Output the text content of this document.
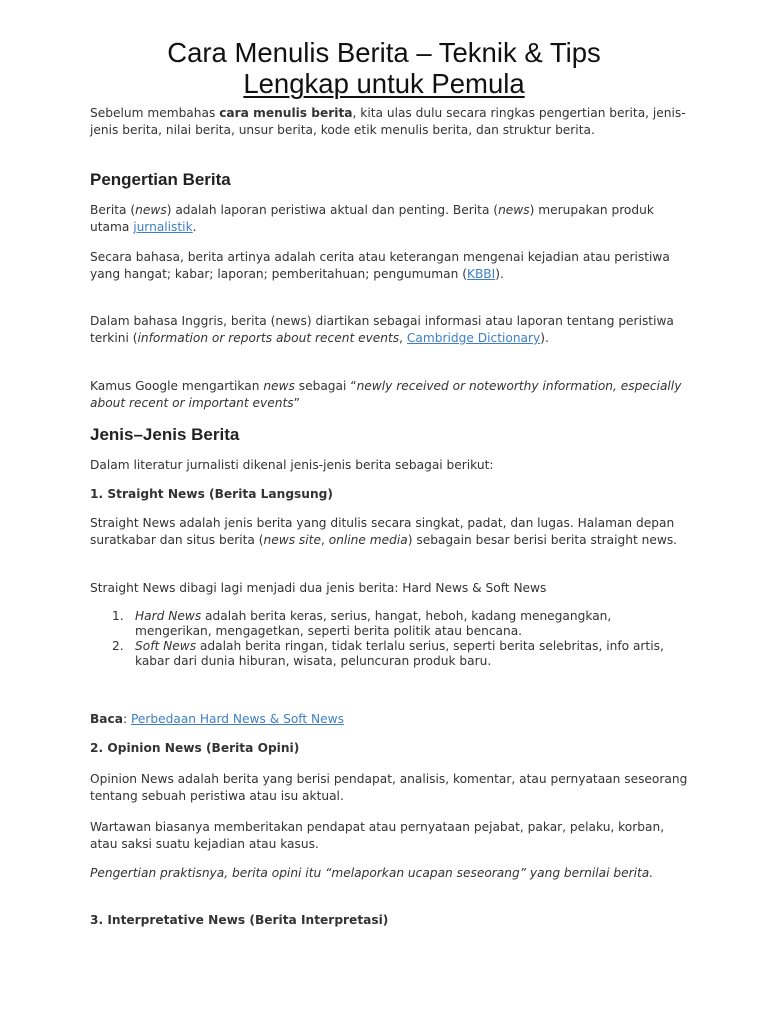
Cara Menulis Berita – Teknik & Tips
Lengkap untuk Pemula

Sebelum membahas cara menulis berita, kita ulas dulu secara ringkas pengertian berita, jenis-jenis berita, nilai berita, unsur berita, kode etik menulis berita, dan struktur berita.

Pengertian Berita

Berita (news) adalah laporan peristiwa aktual dan penting. Berita (news) merupakan produk utama jurnalistik.

Secara bahasa, berita artinya adalah cerita atau keterangan mengenai kejadian atau peristiwa yang hangat; kabar; laporan; pemberitahuan; pengumuman (KBBI).

Dalam bahasa Inggris, berita (news) diartikan sebagai informasi atau laporan tentang peristiwa terkini (information or reports about recent events, Cambridge Dictionary).

Kamus Google mengartikan news sebagai “newly received or noteworthy information, especially about recent or important events”

Jenis–Jenis Berita

Dalam literatur jurnalisti dikenal jenis-jenis berita sebagai berikut:

1. Straight News (Berita Langsung)

Straight News adalah jenis berita yang ditulis secara singkat, padat, dan lugas. Halaman depan suratkabar dan situs berita (news site, online media) sebagain besar berisi berita straight news.

Straight News dibagi lagi menjadi dua jenis berita: Hard News & Soft News

1. Hard News adalah berita keras, serius, hangat, heboh, kadang menegangkan, mengerikan, mengagetkan, seperti berita politik atau bencana.
2. Soft News adalah berita ringan, tidak terlalu serius, seperti berita selebritas, info artis, kabar dari dunia hiburan, wisata, peluncuran produk baru.

Baca: Perbedaan Hard News & Soft News

2. Opinion News (Berita Opini)

Opinion News adalah berita yang berisi pendapat, analisis, komentar, atau pernyataan seseorang tentang sebuah peristiwa atau isu aktual.

Wartawan biasanya memberitakan pendapat atau pernyataan pejabat, pakar, pelaku, korban, atau saksi suatu kejadian atau kasus.

Pengertian praktisnya, berita opini itu “melaporkan ucapan seseorang” yang bernilai berita.

3. Interpretative News (Berita Interpretasi)
